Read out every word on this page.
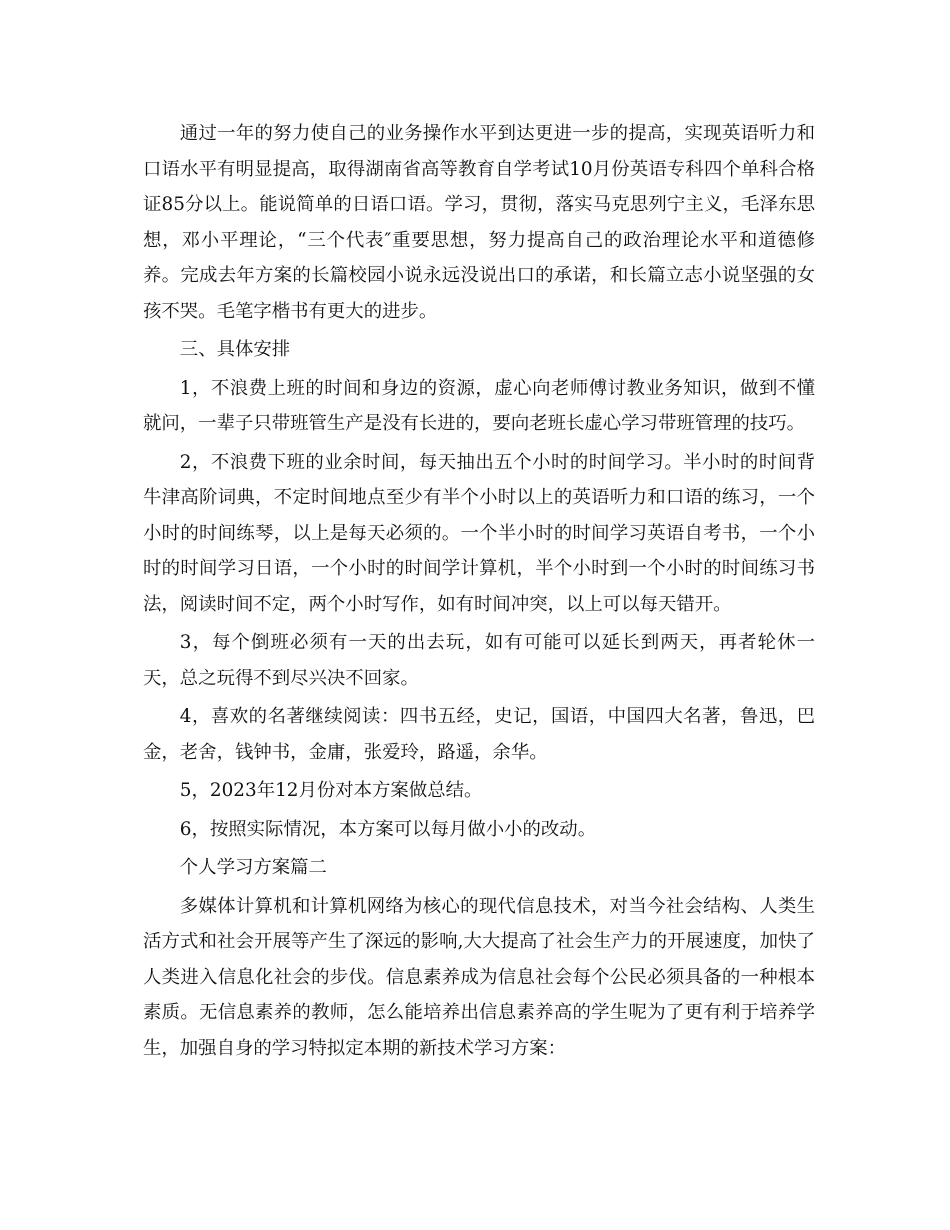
通过一年的努力使自己的业务操作水平到达更进一步的提高，实现英语听力和口语水平有明显提高，取得湖南省高等教育自学考试10月份英语专科四个单科合格证85分以上。能说简单的日语口语。学习，贯彻，落实马克思列宁主义，毛泽东思想，邓小平理论，“三个代表″重要思想，努力提高自己的政治理论水平和道德修养。完成去年方案的长篇校园小说永远没说出口的承诺，和长篇立志小说坚强的女孩不哭。毛笔字楷书有更大的进步。

三、具体安排

1，不浪费上班的时间和身边的资源，虚心向老师傅讨教业务知识，做到不懂就问，一辈子只带班管生产是没有长进的，要向老班长虚心学习带班管理的技巧。

2，不浪费下班的业余时间，每天抽出五个小时的时间学习。半小时的时间背牛津高阶词典，不定时间地点至少有半个小时以上的英语听力和口语的练习，一个小时的时间练琴，以上是每天必须的。一个半小时的时间学习英语自考书，一个小时的时间学习日语，一个小时的时间学计算机，半个小时到一个小时的时间练习书法，阅读时间不定，两个小时写作，如有时间冲突，以上可以每天错开。

3，每个倒班必须有一天的出去玩，如有可能可以延长到两天，再者轮休一天，总之玩得不到尽兴决不回家。

4，喜欢的名著继续阅读：四书五经，史记，国语，中国四大名著，鲁迅，巴金，老舍，钱钟书，金庸，张爱玲，路遥，余华。

5，2023年12月份对本方案做总结。

6，按照实际情况，本方案可以每月做小小的改动。

个人学习方案篇二

多媒体计算机和计算机网络为核心的现代信息技术，对当今社会结构、人类生活方式和社会开展等产生了深远的影响,大大提高了社会生产力的开展速度，加快了人类进入信息化社会的步伐。信息素养成为信息社会每个公民必须具备的一种根本素质。无信息素养的教师，怎么能培养出信息素养高的学生呢为了更有利于培养学生，加强自身的学习特拟定本期的新技术学习方案：
